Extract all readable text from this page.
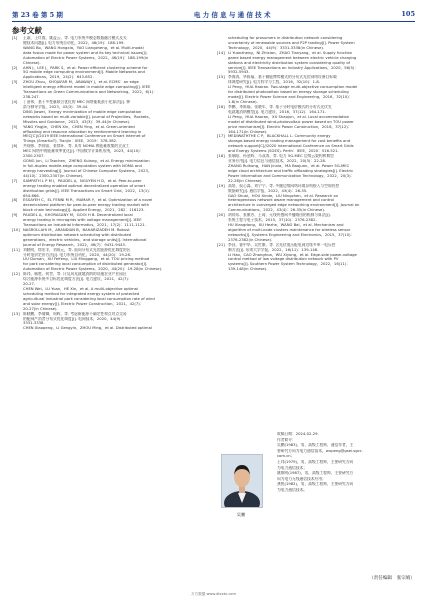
第 23 卷 第 5 期	电 力 信 息 与 通 信 技 术	105
参考文献
[1]	王淑、王红霞、姚益云、等. 电力系统多模态数据融合模式及关
键技术问题[J]. 电力系统自动化，2022，46(19)：188-199.
WANG Bo，WANG Hongxia，YAO Liangzheng，et al. Multi-modal
data fusion mode for power system and its key technical issues[J].
Automation of Electric Power Systems，2022，46(19)：188-199(in
Chinese).
[2]	AHN J，LEE J，PARK S，et al. Power efficient clustering scheme for
5G mobile edge computing environment[J]. Mobile Networks and
Applications，2019，24(2)：643-652.
[3]	ZHOU Zhou，SHOJAFAR M，ABAWAJY J，et al. ECMS：an edge
intelligent energy efficient model in mobile edge computing[J]. IEEE
Transactions on Green Communications and Networking，2022，6(1)：
238-247.
[4]	丁嘉伟，基于多变量联合优化的 MEC 网络能耗最小化算法[J]. 弹
箭与制导学报，2023，43(3)：39-44.
DING Jiawei，Energy minimization of mobile edge computation
networks based on multi-variable[J]. Journal of Projectiles，Rockets，
Missiles and Guidance，2023，43(3)：39-44(in Chinese).
[5]	YANG Yingjie，CHEN Xin，CHEN Ying，et al. Green-oriented
offloading and resource allocation by reinforcement learning in
MEC[C]//2019 IEEE International Conference on Smart Internet of
Things (SmartIoT). Tianjin：IEEE，2019：378-382.
[6]	共翊伟、李翔宙、张徐环、等. 具有 NOMA 和能量收集的全双工
MEC 网络中的能量效率优化[J]. 中国数学计算机系统，2023，44(10)：
2300-2307.
GONG Jun，LI Taochen，ZHENG Xulang，et al. Energy minimization
in full-duplex mobile-edge computation system with NOMA and
energy harvesting[J]. Journal of Chinese Computer Systems，2023，
44(10)：2300-2307(in Chinese).
[7]	SAMPATH L P M I，PAUDEL A，NGUYEN H D，et al. Peer-to-peer
energy trading enabled optimal decentralized operation of smart
distribution grids[J]. IEEE Transactions on Smart Grid，2022，13(1)：
654-666.
[8]	ESSAYEH C，EL FENNI M R，MAMAR Y，et al. Optimization of a novel
decentralized platform for peer-to-peer energy trading market with
block chain technology[J]. Applied Energy，2021，282：116123.
[9]	PAUDEL A，KHORASANY M，GOOI H B. Decentralized local
energy trading in microgrids with voltage management[J]. IEEE
Transactions on Industrial Informatics，2021，17(2)：1111-1121.
[10] NASROLLAHI M，ARANDIAN B，BAHARIZADEH M. Robust
optimum distribution network scheduling with distributed
generations，electric vehicles，and storage units[J]. International
Journal of Energy Research，2022，46(7)：9431-9443.
[11] 刘晓明，徐宏丰，刘筑元，等. 面向分布式光伏能源优化调度的区
分时电价定价方法[J]. 电力系统自动化，2020，44(20)：19-28.
LIU Duman，XU Feifeng，LIU Minggang，et al. TOU pricing method
for park considering local consumption of distributed generator[J].
Automation of Electric Power Systems，2020，44(20)：19-28(in Chinese).
[12] 陈玮，顾胜，何世，等. 计及风光就地消纳的设施农业产业园区
综合能源系统多目标优化调度方法[J]. 电力建设，2021，42(7)：
20-27.
CHEN Wei，LU Yuan，HE Xin，et al. A multi-objective optimal
scheduling method for integrated energy system of protected
agricultural industrial park considering local consumption rate of wind
and solar energy[J]. Electric Power Construction，2021，42(7)：
20-27(in Chinese).
[13] 陈晓鹏，李倩卿，周辉，等. 考虑新能源不确定性和点对点交易
的配网产消者分布式优化调度[J]. 电网技术，2020，44(9)：
3331-3338.
CHEN Xiaopeng，LI Gengyin，ZHOU Ming，et al. Distributed optimal
scheduling for prosumers in distribution network considering
uncertainty of renewable sources and P2P trading[J]. Power System
Technology，2020，44(9)：3331-3338(in Chinese).
[14] LI Yuanzheng，NI Zhixian，ZHAO Tianyang，et al. Supply function
game based energy management between electric vehicle charging
stations and electricity distribution system considering quality of
service[J]. IEEE Transactions on Industry Applications，2020，56(5)：
5932-5943.
[15] 李海涛，华陈福、基于储能博弈模式的分布式光伏网络设备目标载
体调度研究[J]. 电力科学与工程，2016，32(10)：1-8.
LI Peng，HUA Haoran. Two-stage multi-objective consumption model
for distributed photovoltaic based on energy storage scheduling
mode[J]. Electric Power Science and Engineering，2016，32(10)：
1-8(in Chinese).
[16] 李鹏，华陈福，张晓军，等. 基于分时电价模式的分布式光伏发
电就地消纳模型[J]. 电力建设，2016，37(12)：164-171.
LI Peng，HUA Haoran，XU Shaojun，et al. Local accommodation
model of distributed wind-photovoltaic power based on TOU power
price mechanism[J]. Electric Power Construction，2016，37(12)：
164-171(in Chinese).
[17] MEDIWATHTHE C P，BLACKHALL L. Community energy
storage-based energy trading management for cost benefits and
network support[C]//2020 International Conference on Smart Grids
and Energy Systems (SGES). Perth：IEEE，2020：516-521.
[18] 张瑞阳、孙金辉、马双涛、等. 电力 5G-MEC 边缘云架构和典型
业务应用[J]. 电力信息与通信技术，2022，20(3)：22-28.
ZHANG Ruihong，HAN Jinxia，MA Baojuan，et al. Power 5G-MEC
edge cloud architecture and traffic offloading strategies[J]. Electric
Power Information and Communication Technology，2022，20(3)：
22-28(in Chinese).
[19] 高培、侯心淼、刘宁宁、等. 多播边缘网络环境异构接入与空间管控
数据研究[J]. 通信学报，2022，43(4)：26-35.
GAO Shuai，HOU Xinde，LIU Ningzhen，et al. Research on
heterogeneous network aware management and control
architecture in converged edge networking environment[J]. Journal on
Communications，2022，43(4)：26-35(in Chinese).
[20] 胡尚东、张康芳、王琦、无线传感网多播路由的机制与算法[J].
系统工程与电子技术，2015，37(10)：2376-2382.
HU Xiangdong，XU Hezhe，WANG Bai，et al. Mechanism and
algorithm of multi-node clusters maintenance for wireless sensor
networks[J]. Systems Engineering and Electronics，2015，37(10)：
2376-2382(in Chinese).
[21] 李昌、曹中华、吴世康、等. 含光伏低压配电网边缘多单一电压控
制方法[J]. 东南大学学报，2022，16(11)：139-148.
LI Hao，CAO Zhonghua，WU Xiyong，et al. Edge-side power-voltage
control method of low voltage distribution network with PV
systems[J]. Southern Power System Technology，2022，16(11)：
139-148(in Chinese).
吴鹏
收稿日期：2024-02-29.
作者简介：
吴鹏(1983)，男，高级工程师，通信作者，主
要研究方向为电力通信技术，wupeng@gsei.sgcc.
com.cn；
王玮(1979)，男，高级工程师，主要研究方向
为电力通信技术；
姚维明(1987)，男，高级工程师，主要研究方
向为电力无线通信技术应用；
龚悦(1982)，男，高级工程师，主要研究方向
为电力通信技术。
（责任编辑　张宗娟）
万方数据 www.dlxxtx.com
